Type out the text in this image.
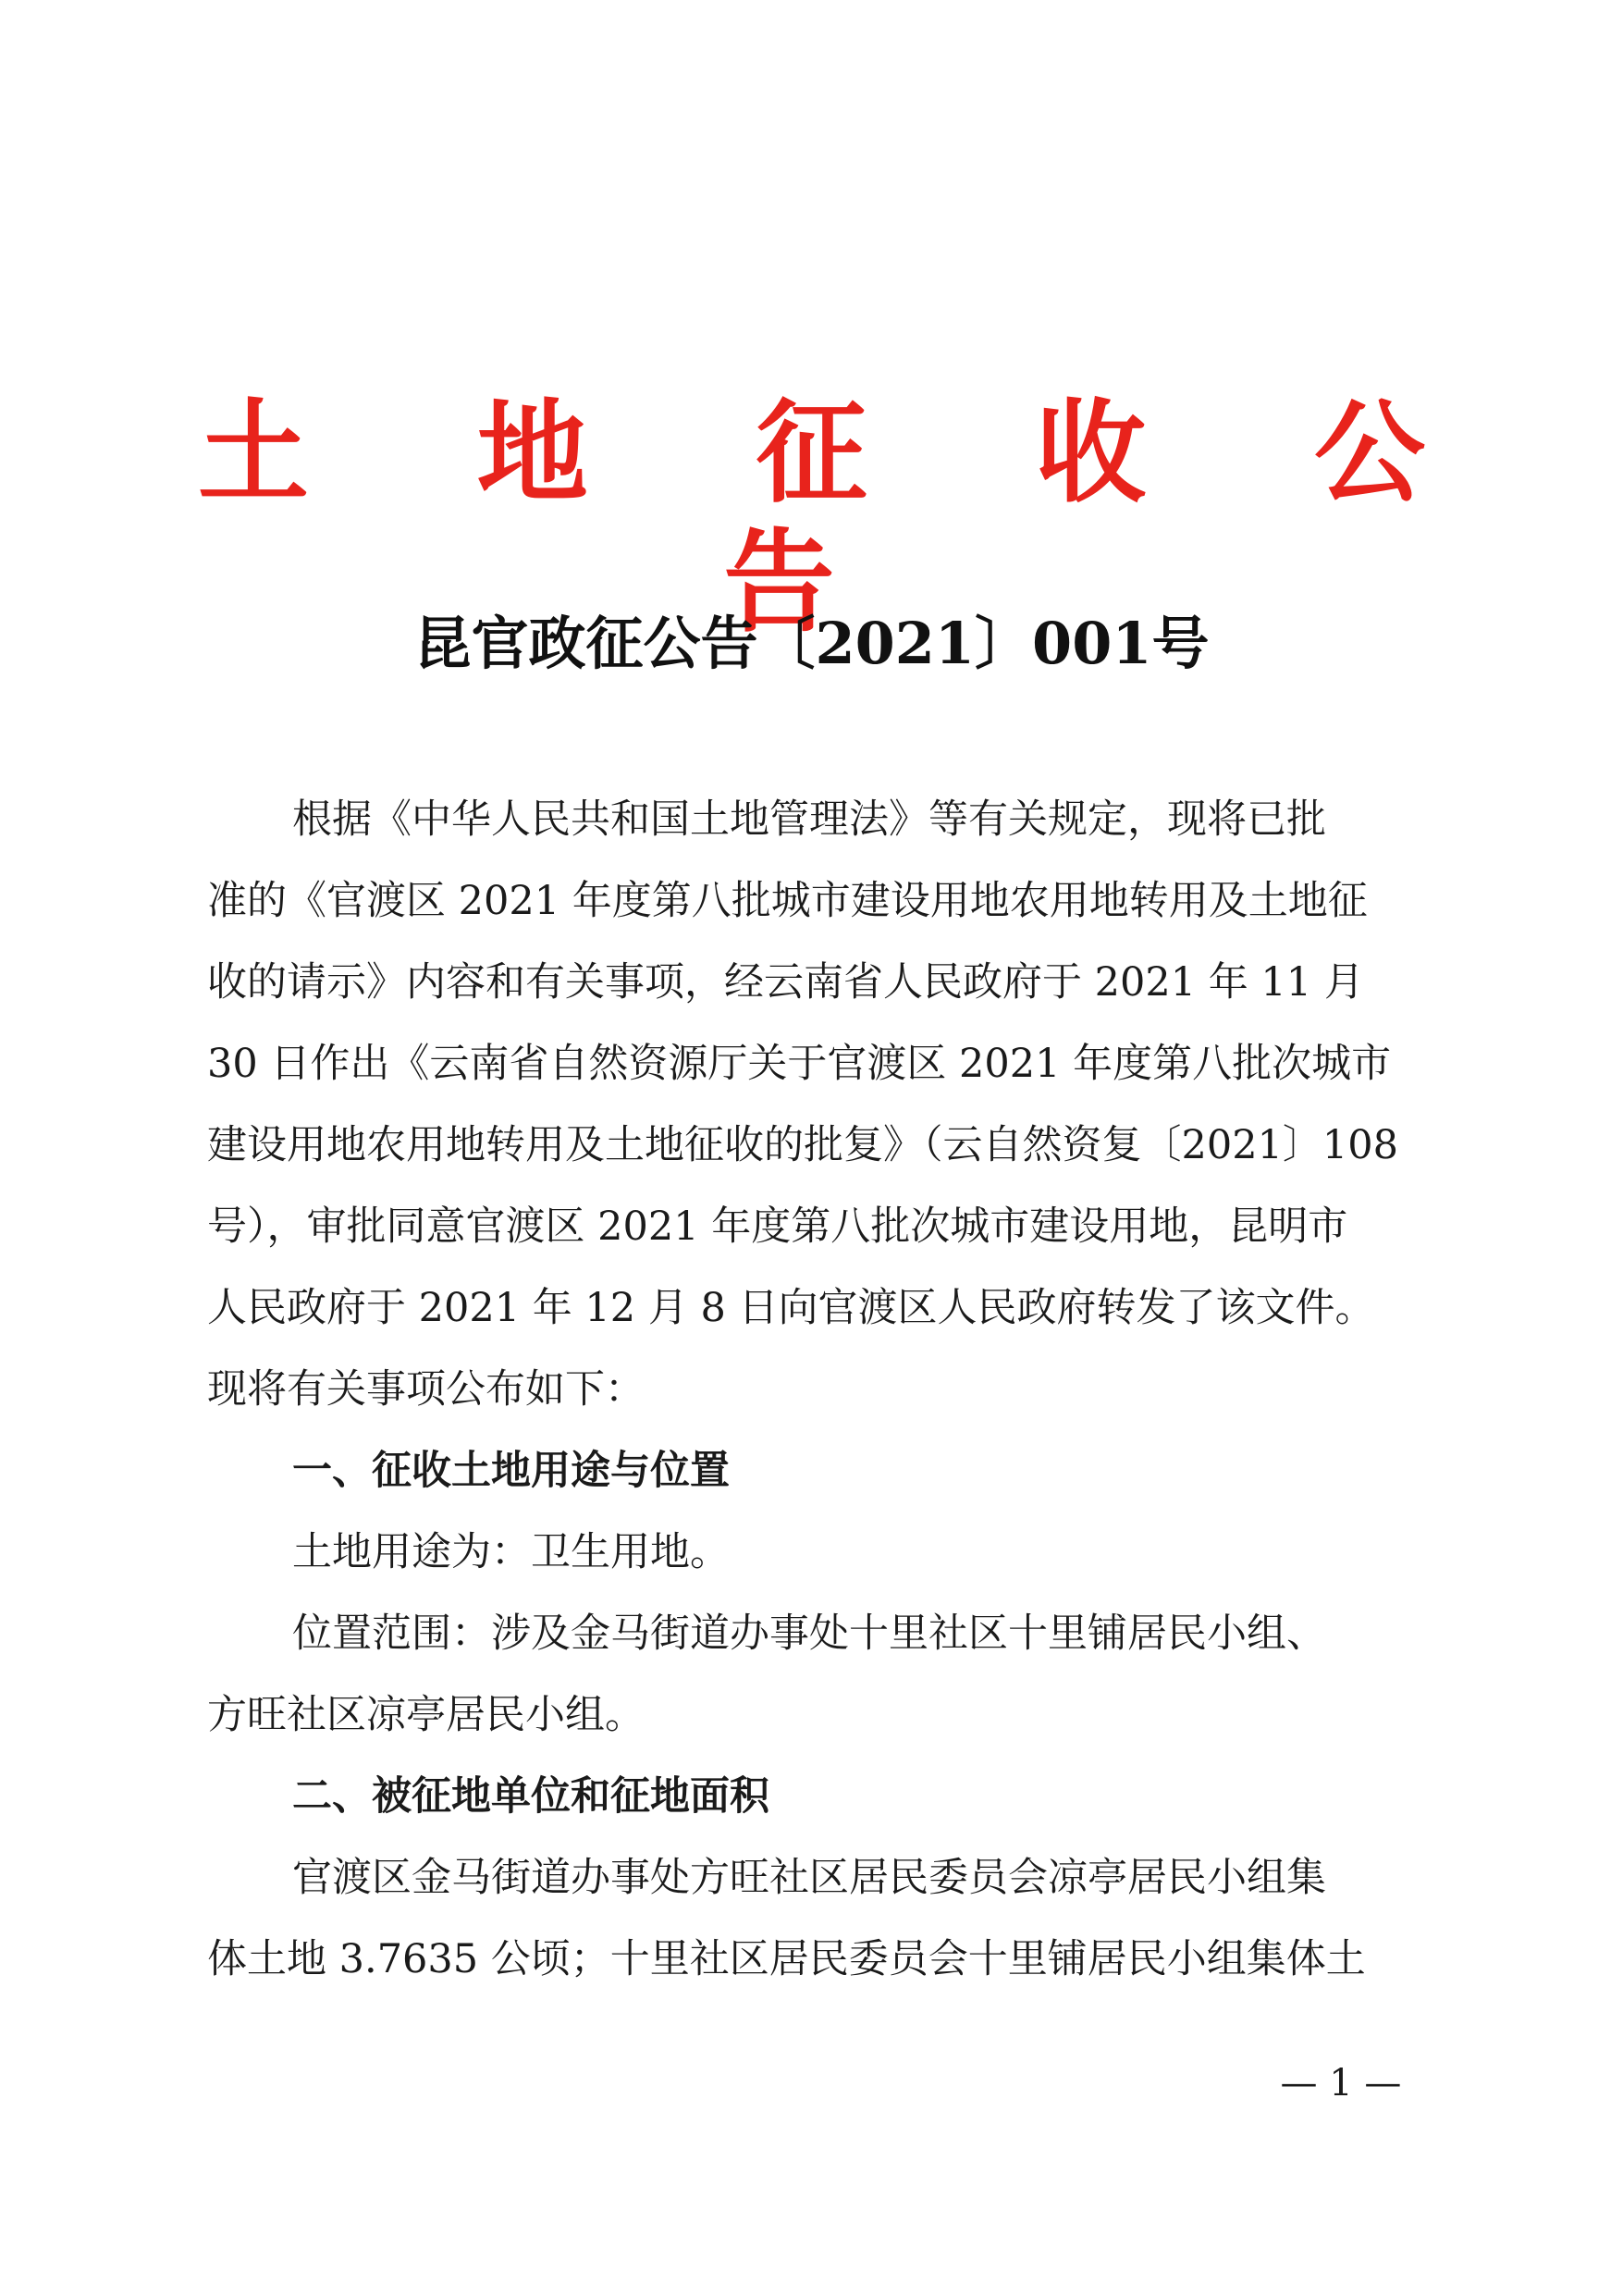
土 地 征 收 公 告
昆官政征公告〔2021〕001号
根据《中华人民共和国土地管理法》等有关规定，现将已批
准的《官渡区 2021 年度第八批城市建设用地农用地转用及土地征
收的请示》内容和有关事项，经云南省人民政府于 2021 年 11 月
30 日作出《云南省自然资源厅关于官渡区 2021 年度第八批次城市
建设用地农用地转用及土地征收的批复》（云自然资复〔2021〕108
号），审批同意官渡区 2021 年度第八批次城市建设用地，昆明市
人民政府于 2021 年 12 月 8 日向官渡区人民政府转发了该文件。
现将有关事项公布如下：
一、征收土地用途与位置
土地用途为：卫生用地。
位置范围：涉及金马街道办事处十里社区十里铺居民小组、
方旺社区凉亭居民小组。
二、被征地单位和征地面积
官渡区金马街道办事处方旺社区居民委员会凉亭居民小组集
体土地 3.7635 公顷；十里社区居民委员会十里铺居民小组集体土
— 1 —
